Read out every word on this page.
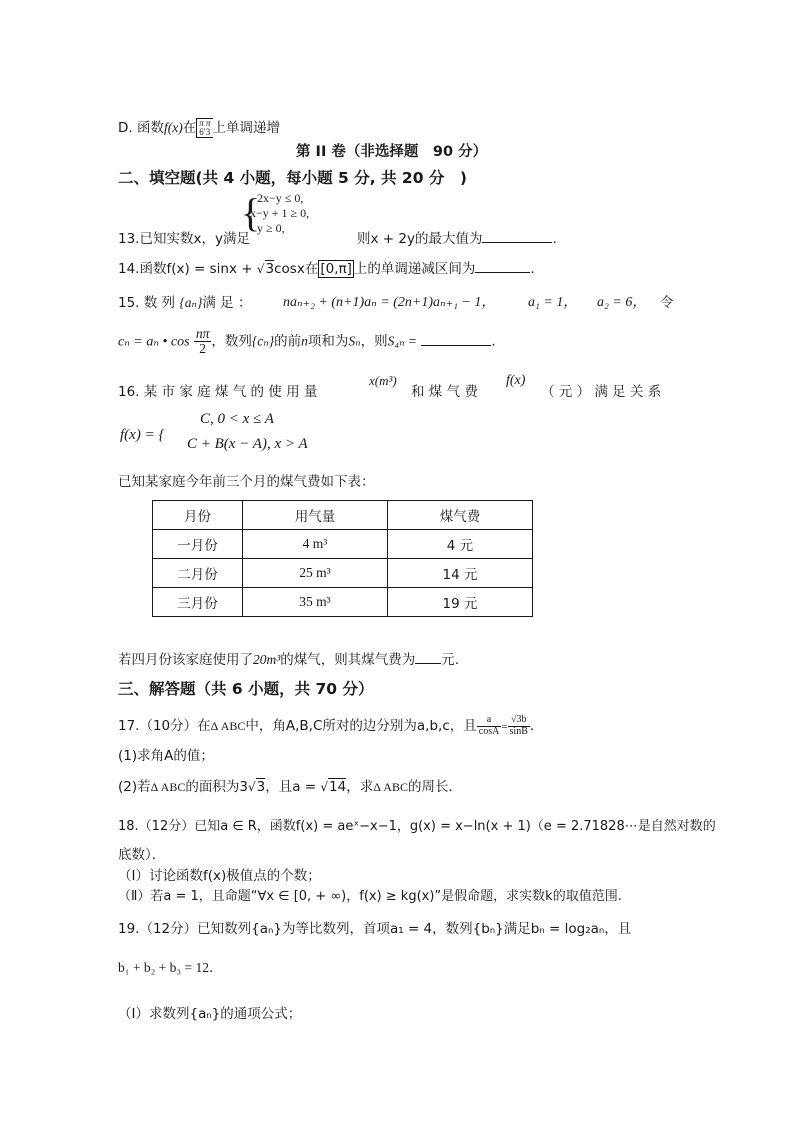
D. 函数f(x)在 π π
6′3 上单调递增
第 II 卷（非选择题　90 分）
二、填空题(共 4 小题，每小题 5 分, 共 20 分　)
13.已知实数x，y满足
{
2x−y ≤ 0,
x−y + 1 ≥ 0,
y ≥ 0,
则x + 2y的最大值为	.
14.函数f(x) = sinx + √3cosx在 [0,π] 上的单调递减区间为	.
15. 数 列 {aₙ}满 足 ： naₙ₊₂ + (n+1)aₙ = (2n+1)aₙ₊₁ − 1， a₁ = 1， a₂ = 6， 令
cₙ = aₙ • $\cos \frac{n\pi}{2}$ ，数列{cₙ}的前n项和为Sₙ，则S₄ₙ =	.
16. 某 市 家 庭 煤 气 的 使 用 量
x(m³)
和 煤 气 费
f(x)
（ 元 ） 满 足 关 系
f(x) = {
C, 0 < x ≤ A
C + B(x − A), x > A
已知某家庭今年前三个月的煤气费如下表：
月份	用气量	煤气费
一月份	4 m³	4 元
二月份	25 m³	14 元
三月份	35 m³	19 元
若四月份该家庭使用了20m³的煤气，则其煤气费为 元.
三、解答题（共 6 小题，共 70 分）
17.（10分）在Δ ABC中，角A,B,C所对的边分别为a,b,c，且 $\frac{a}{\cos A} = \frac{√3b}{\sin B}$ .
(1)求角A的值；
(2)若Δ ABC的面积为3√3，且a = √14，求Δ ABC的周长．
18.（12分）已知a ∈ R，函数f(x) = aeˣ−x−1，g(x) = x−ln(x + 1)（e = 2.71828⋯是自然对数的
底数）．
（Ⅰ）讨论函数f(x)极值点的个数；
（Ⅱ）若a = 1，且命题“∀x ∈ [0, + ∞)，f(x) ≥ kg(x)”是假命题，求实数k的取值范围.
19.（12分）已知数列{aₙ}为等比数列，首项a₁ = 4，数列{bₙ}满足bₙ = log₂aₙ，且
b₁ + b₂ + b₃ = 12．
（Ⅰ）求数列{aₙ}的通项公式；
